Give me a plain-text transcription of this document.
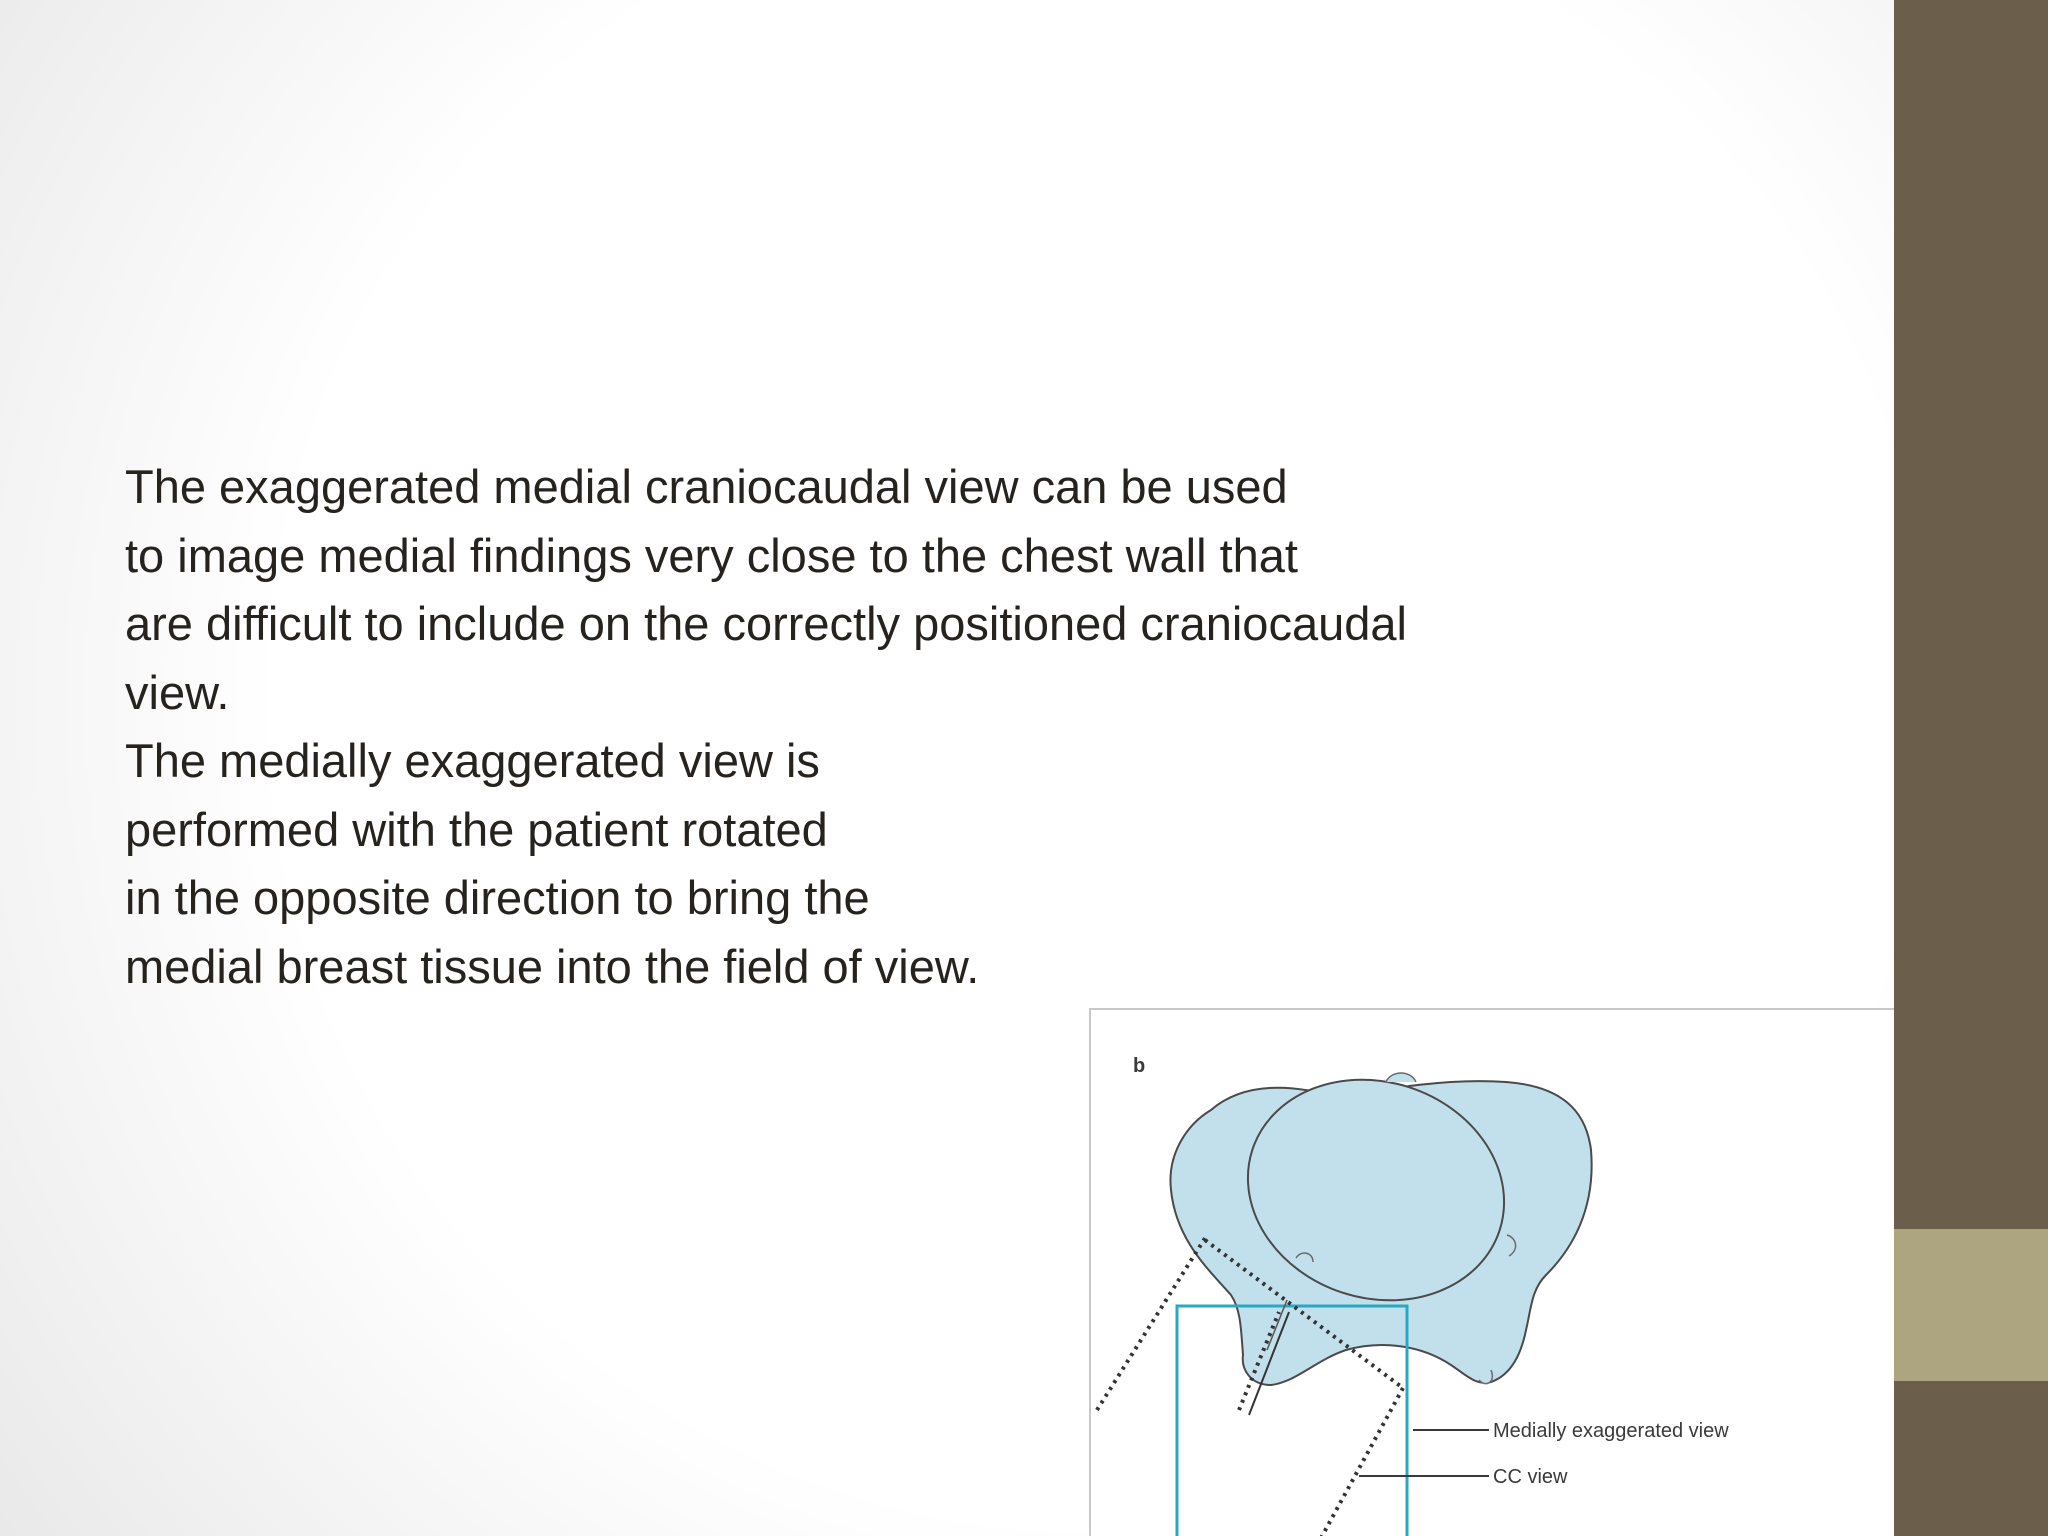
The exaggerated medial craniocaudal view can be used
to image medial findings very close to the chest wall that
are difficult to include on the correctly positioned craniocaudal
view.
The medially exaggerated view is
performed with the patient rotated
in the opposite direction to bring the
medial breast tissue into the field of view.

b
Medially exaggerated view
CC view
